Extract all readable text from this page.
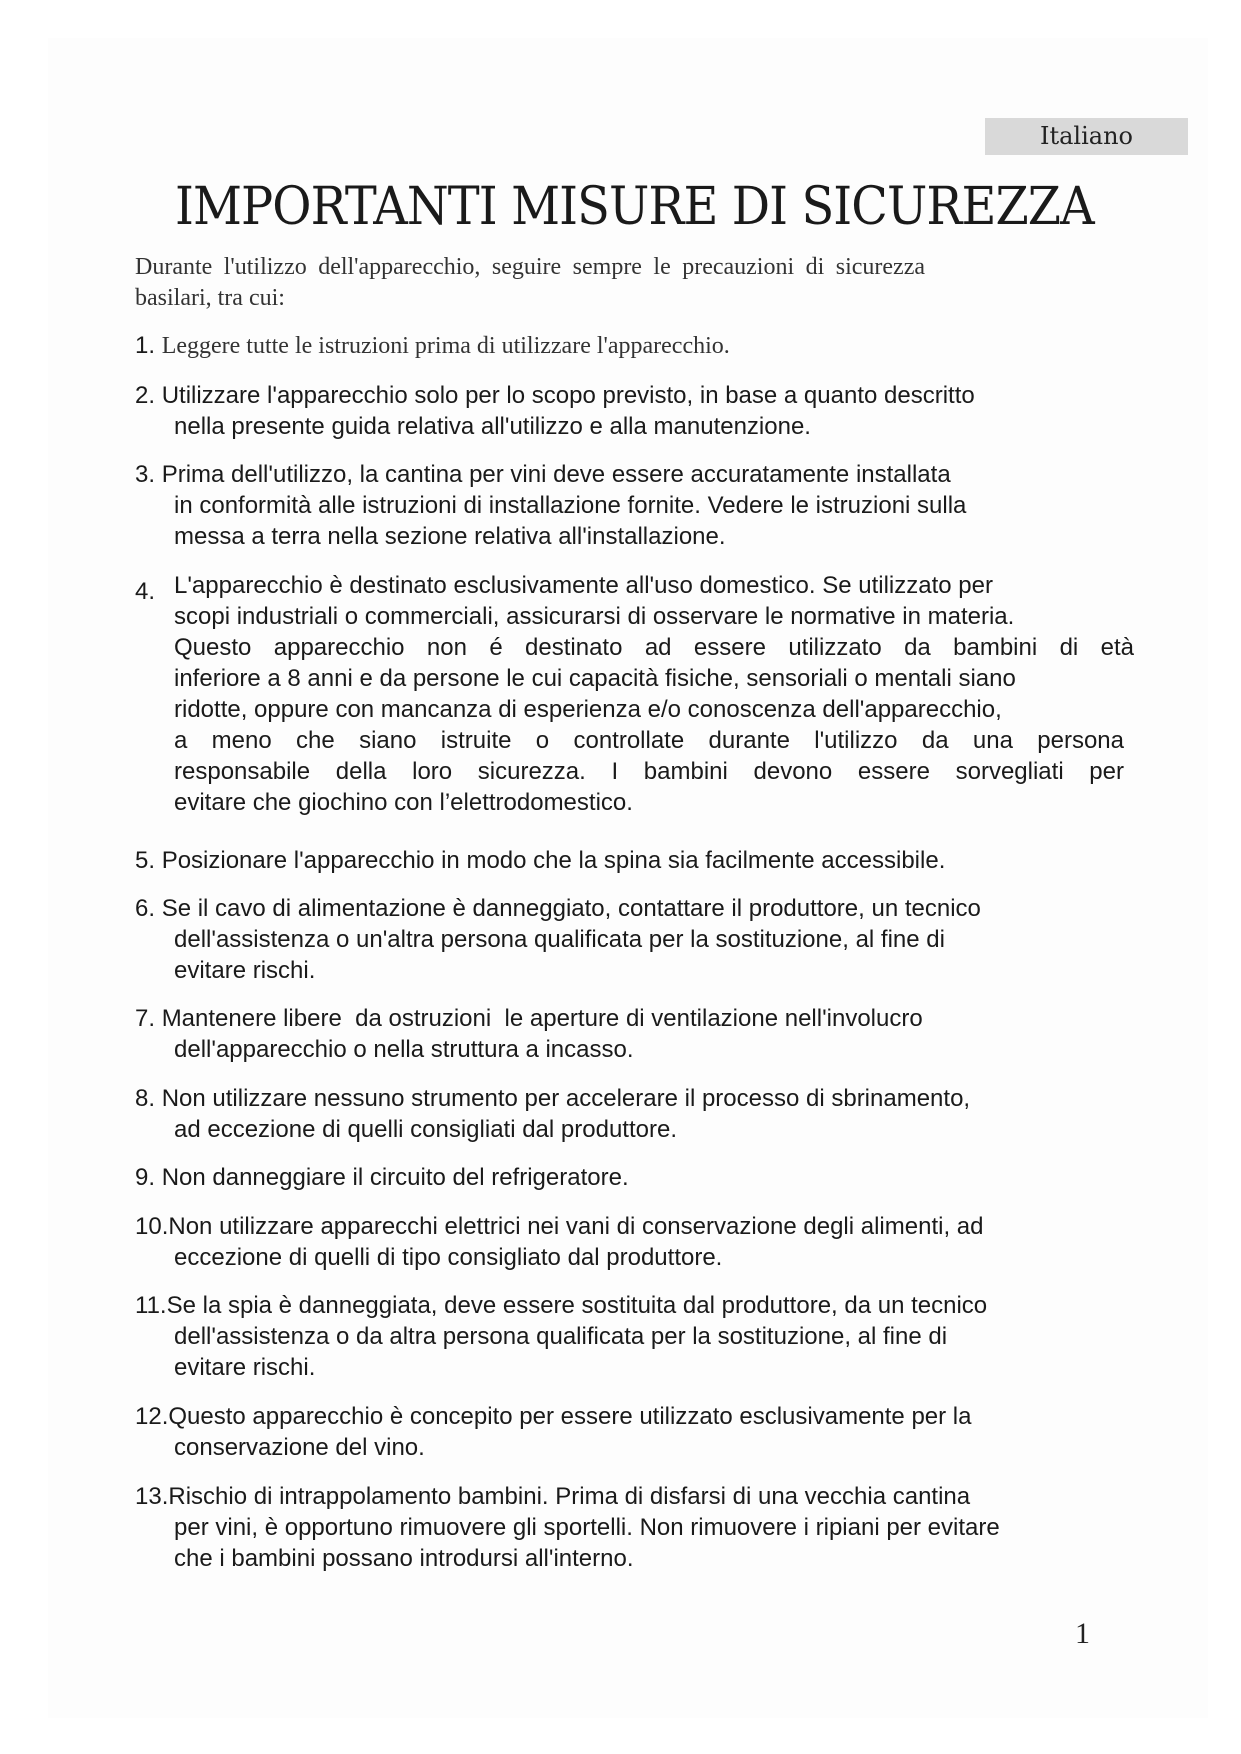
Italiano
IMPORTANTI MISURE DI SICUREZZA

Durante l'utilizzo dell'apparecchio, seguire sempre le precauzioni di sicurezza basilari, tra cui:

1. Leggere tutte le istruzioni prima di utilizzare l'apparecchio.
2. Utilizzare l'apparecchio solo per lo scopo previsto, in base a quanto descritto
nella presente guida relativa all'utilizzo e alla manutenzione.
3. Prima dell'utilizzo, la cantina per vini deve essere accuratamente installata
in conformità alle istruzioni di installazione fornite. Vedere le istruzioni sulla
messa a terra nella sezione relativa all'installazione.
4. L'apparecchio è destinato esclusivamente all'uso domestico. Se utilizzato per
scopi industriali o commerciali, assicurarsi di osservare le normative in materia.
Questo apparecchio non é destinato ad essere utilizzato da bambini di età
inferiore a 8 anni e da persone le cui capacità fisiche, sensoriali o mentali siano
ridotte, oppure con mancanza di esperienza e/o conoscenza dell'apparecchio,
a meno che siano istruite o controllate durante l'utilizzo da una persona
responsabile della loro sicurezza. I bambini devono essere sorvegliati per
evitare che giochino con l’elettrodomestico.
5. Posizionare l'apparecchio in modo che la spina sia facilmente accessibile.
6. Se il cavo di alimentazione è danneggiato, contattare il produttore, un tecnico
dell'assistenza o un'altra persona qualificata per la sostituzione, al fine di
evitare rischi.
7. Mantenere libere  da ostruzioni  le aperture di ventilazione nell'involucro
dell'apparecchio o nella struttura a incasso.
8. Non utilizzare nessuno strumento per accelerare il processo di sbrinamento,
ad eccezione di quelli consigliati dal produttore.
9. Non danneggiare il circuito del refrigeratore.
10.Non utilizzare apparecchi elettrici nei vani di conservazione degli alimenti, ad
eccezione di quelli di tipo consigliato dal produttore.
11.Se la spia è danneggiata, deve essere sostituita dal produttore, da un tecnico
dell'assistenza o da altra persona qualificata per la sostituzione, al fine di
evitare rischi.
12.Questo apparecchio è concepito per essere utilizzato esclusivamente per la
conservazione del vino.
13.Rischio di intrappolamento bambini. Prima di disfarsi di una vecchia cantina
per vini, è opportuno rimuovere gli sportelli. Non rimuovere i ripiani per evitare
che i bambini possano introdursi all'interno.
1
